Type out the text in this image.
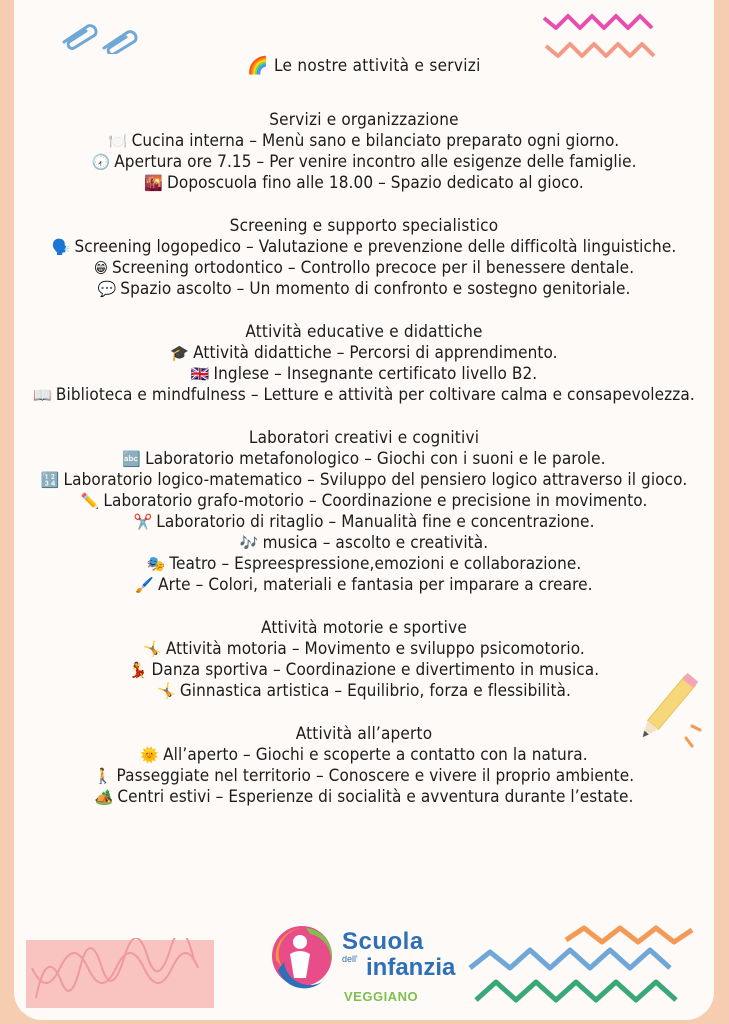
🌈 Le nostre attività e servizi
Servizi e organizzazione
🍽️ Cucina interna – Menù sano e bilanciato preparato ogni giorno.
🕢 Apertura ore 7.15 – Per venire incontro alle esigenze delle famiglie.
🌇 Doposcuola fino alle 18.00 – Spazio dedicato al gioco.
Screening e supporto specialistico
🗣️ Screening logopedico – Valutazione e prevenzione delle difficoltà linguistiche.
😁 Screening ortodontico – Controllo precoce per il benessere dentale.
💬 Spazio ascolto – Un momento di confronto e sostegno genitoriale.
Attività educative e didattiche
🎓 Attività didattiche – Percorsi di apprendimento.
🇬🇧 Inglese – Insegnante certificato livello B2.
📖 Biblioteca e mindfulness – Letture e attività per coltivare calma e consapevolezza.
Laboratori creativi e cognitivi
🔤 Laboratorio metafonologico – Giochi con i suoni e le parole.
🔢 Laboratorio logico-matematico – Sviluppo del pensiero logico attraverso il gioco.
✏️ Laboratorio grafo-motorio – Coordinazione e precisione in movimento.
✂️ Laboratorio di ritaglio – Manualità fine e concentrazione.
🎶 musica – ascolto e creatività.
🎭 Teatro – Espreespressione,emozioni e collaborazione.
🖌️ Arte – Colori, materiali e fantasia per imparare a creare.
Attività motorie e sportive
🤸 Attività motoria – Movimento e sviluppo psicomotorio.
💃 Danza sportiva – Coordinazione e divertimento in musica.
🤸 Ginnastica artistica – Equilibrio, forza e flessibilità.
Attività all’aperto
🌞 All’aperto – Giochi e scoperte a contatto con la natura.
🚶 Passeggiate nel territorio – Conoscere e vivere il proprio ambiente.
🏕️ Centri estivi – Esperienze di socialità e avventura durante l’estate.
Scuola
dell' infanzia
VEGGIANO
